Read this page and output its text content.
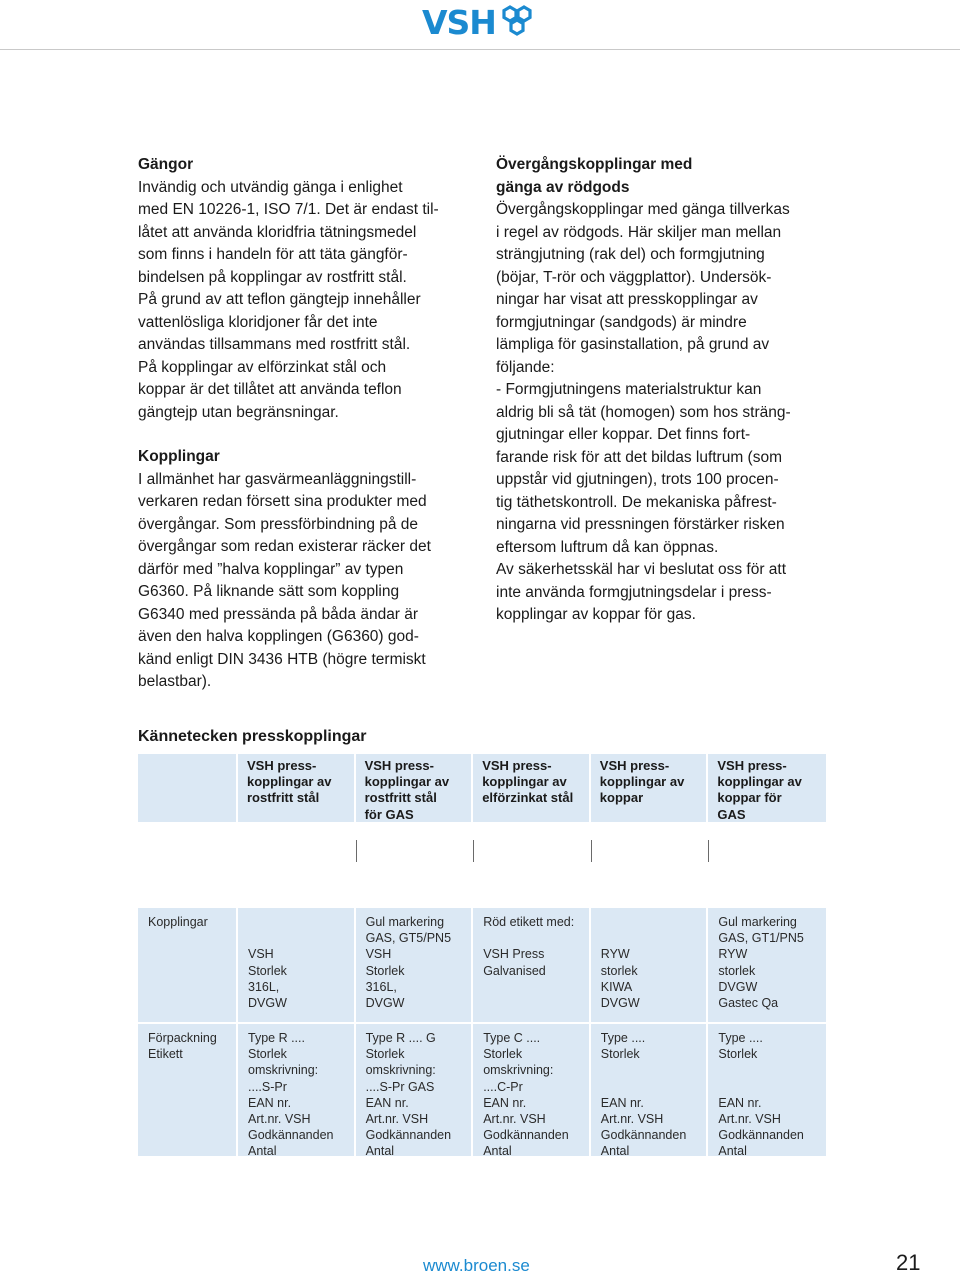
VSH
Gängor
Invändig och utvändig gänga i enlighet
med EN 10226-1, ISO 7/1. Det är endast til-
låtet att använda kloridfria tätningsmedel
som finns i handeln för att täta gängför-
bindelsen på kopplingar av rostfritt stål.
På grund av att teflon gängtejp innehåller
vattenlösliga kloridjoner får det inte
användas tillsammans med rostfritt stål.
På kopplingar av elförzinkat stål och
koppar är det tillåtet att använda teflon
gängtejp utan begränsningar.
Kopplingar
I allmänhet har gasvärmeanläggningstill-
verkaren redan försett sina produkter med
övergångar. Som pressförbindning på de
övergångar som redan existerar räcker det
därför med ”halva kopplingar” av typen
G6360. På liknande sätt som koppling
G6340 med pressända på båda ändar är
även den halva kopplingen (G6360) god-
känd enligt DIN 3436 HTB (högre termiskt
belastbar).
Övergångskopplingar med
gänga av rödgods
Övergångskopplingar med gänga tillverkas
i regel av rödgods. Här skiljer man mellan
strängjutning (rak del) och formgjutning
(böjar, T-rör och väggplattor). Undersök-
ningar har visat att presskopplingar av
formgjutningar (sandgods) är mindre
lämpliga för gasinstallation, på grund av
följande:
- Formgjutningens materialstruktur kan
aldrig bli så tät (homogen) som hos sträng-
gjutningar eller koppar. Det finns fort-
farande risk för att det bildas luftrum (som
uppstår vid gjutningen), trots 100 procen-
tig täthetskontroll. De mekaniska påfrest-
ningarna vid pressningen förstärker risken
eftersom luftrum då kan öppnas.
Av säkerhetsskäl har vi beslutat oss för att
inte använda formgjutningsdelar i press-
kopplingar av koppar för gas.
Kännetecken presskopplingar
VSH press-
kopplingar av
rostfritt stål
VSH press-
kopplingar av
rostfritt stål
för GAS
VSH press-
kopplingar av
elförzinkat stål
VSH press-
kopplingar av
koppar
VSH press-
kopplingar av
koppar för
GAS
Kopplingar

VSH
Storlek
316L,
DVGW
Gul markering
GAS, GT5/PN5
VSH
Storlek
316L,
DVGW
Röd etikett med:

VSH Press
Galvanised

RYW
storlek
KIWA
DVGW
Gul markering
GAS, GT1/PN5
RYW
storlek
DVGW
Gastec Qa
Förpackning
Etikett
Type R ....
Storlek
omskrivning:
....S-Pr
EAN nr.
Art.nr. VSH
Godkännanden
Antal
Type R .... G
Storlek
omskrivning:
....S-Pr GAS
EAN nr.
Art.nr. VSH
Godkännanden
Antal
Type C ....
Storlek
omskrivning:
....C-Pr
EAN nr.
Art.nr. VSH
Godkännanden
Antal
Type ....
Storlek

EAN nr.
Art.nr. VSH
Godkännanden
Antal
Type ....
Storlek

EAN nr.
Art.nr. VSH
Godkännanden
Antal
www.broen.se	21
